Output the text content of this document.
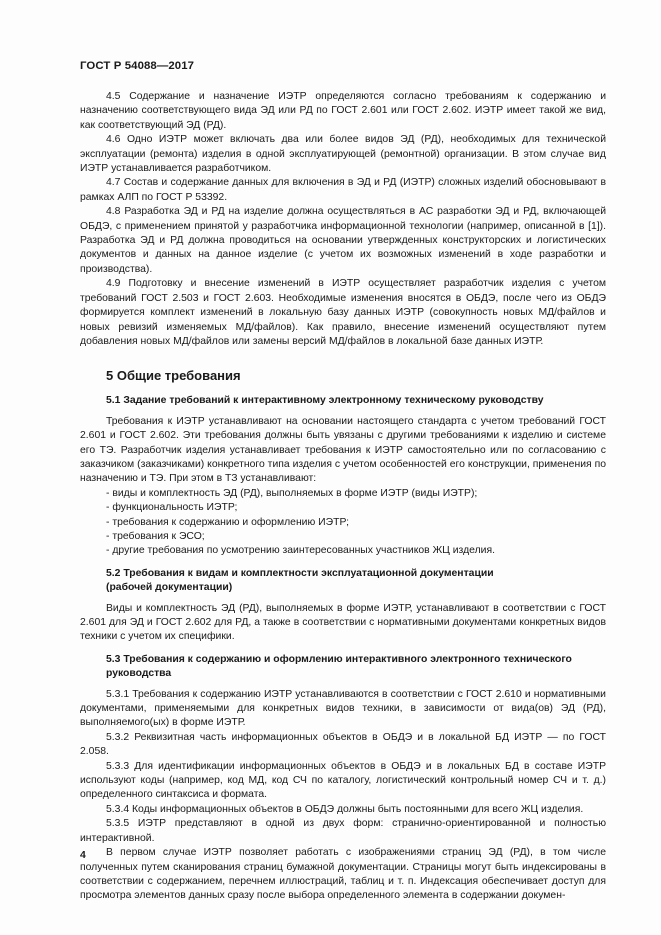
ГОСТ Р 54088—2017

4.5 Содержание и назначение ИЭТР определяются согласно требованиям к содержанию и назначению соответствующего вида ЭД или РД по ГОСТ 2.601 или ГОСТ 2.602. ИЭТР имеет такой же вид, как соответствующий ЭД (РД).

4.6 Одно ИЭТР может включать два или более видов ЭД (РД), необходимых для технической эксплуатации (ремонта) изделия в одной эксплуатирующей (ремонтной) организации. В этом случае вид ИЭТР устанавливается разработчиком.

4.7 Состав и содержание данных для включения в ЭД и РД (ИЭТР) сложных изделий обосновывают в рамках АЛП по ГОСТ Р 53392.

4.8 Разработка ЭД и РД на изделие должна осуществляться в АС разработки ЭД и РД, включающей ОБДЭ, с применением принятой у разработчика информационной технологии (например, описанной в [1]). Разработка ЭД и РД должна проводиться на основании утвержденных конструкторских и логистических документов и данных на данное изделие (с учетом их возможных изменений в ходе разработки и производства).

4.9 Подготовку и внесение изменений в ИЭТР осуществляет разработчик изделия с учетом требований ГОСТ 2.503 и ГОСТ 2.603. Необходимые изменения вносятся в ОБДЭ, после чего из ОБДЭ формируется комплект изменений в локальную базу данных ИЭТР (совокупность новых МД/файлов и новых ревизий изменяемых МД/файлов). Как правило, внесение изменений осуществляют путем добавления новых МД/файлов или замены версий МД/файлов в локальной базе данных ИЭТР.

5 Общие требования
5.1 Задание требований к интерактивному электронному техническому руководству

Требования к ИЭТР устанавливают на основании настоящего стандарта с учетом требований ГОСТ 2.601 и ГОСТ 2.602. Эти требования должны быть увязаны с другими требованиями к изделию и системе его ТЭ. Разработчик изделия устанавливает требования к ИЭТР самостоятельно или по согласованию с заказчиком (заказчиками) конкретного типа изделия с учетом особенностей его конструкции, применения по назначению и ТЭ. При этом в ТЗ устанавливают:

- виды и комплектность ЭД (РД), выполняемых в форме ИЭТР (виды ИЭТР);

- функциональность ИЭТР;

- требования к содержанию и оформлению ИЭТР;

- требования к ЭСО;

- другие требования по усмотрению заинтересованных участников ЖЦ изделия.

5.2 Требования к видам и комплектности эксплуатационной документации
(рабочей документации)

Виды и комплектность ЭД (РД), выполняемых в форме ИЭТР, устанавливают в соответствии с ГОСТ 2.601 для ЭД и ГОСТ 2.602 для РД, а также в соответствии с нормативными документами конкретных видов техники с учетом их специфики.

5.3 Требования к содержанию и оформлению интерактивного электронного технического
руководства

5.3.1 Требования к содержанию ИЭТР устанавливаются в соответствии с ГОСТ 2.610 и нормативными документами, применяемыми для конкретных видов техники, в зависимости от вида(ов) ЭД (РД), выполняемого(ых) в форме ИЭТР.

5.3.2 Реквизитная часть информационных объектов в ОБДЭ и в локальной БД ИЭТР — по ГОСТ 2.058.

5.3.3 Для идентификации информационных объектов в ОБДЭ и в локальных БД в составе ИЭТР используют коды (например, код МД, код СЧ по каталогу, логистический контрольный номер СЧ и т. д.) определенного синтаксиса и формата.

5.3.4 Коды информационных объектов в ОБДЭ должны быть постоянными для всего ЖЦ изделия.

5.3.5 ИЭТР представляют в одной из двух форм: странично-ориентированной и полностью интерактивной.

В первом случае ИЭТР позволяет работать с изображениями страниц ЭД (РД), в том числе полученных путем сканирования страниц бумажной документации. Страницы могут быть индексированы в соответствии с содержанием, перечнем иллюстраций, таблиц и т. п. Индексация обеспечивает доступ для просмотра элементов данных сразу после выбора определенного элемента в содержании докумен-

4
